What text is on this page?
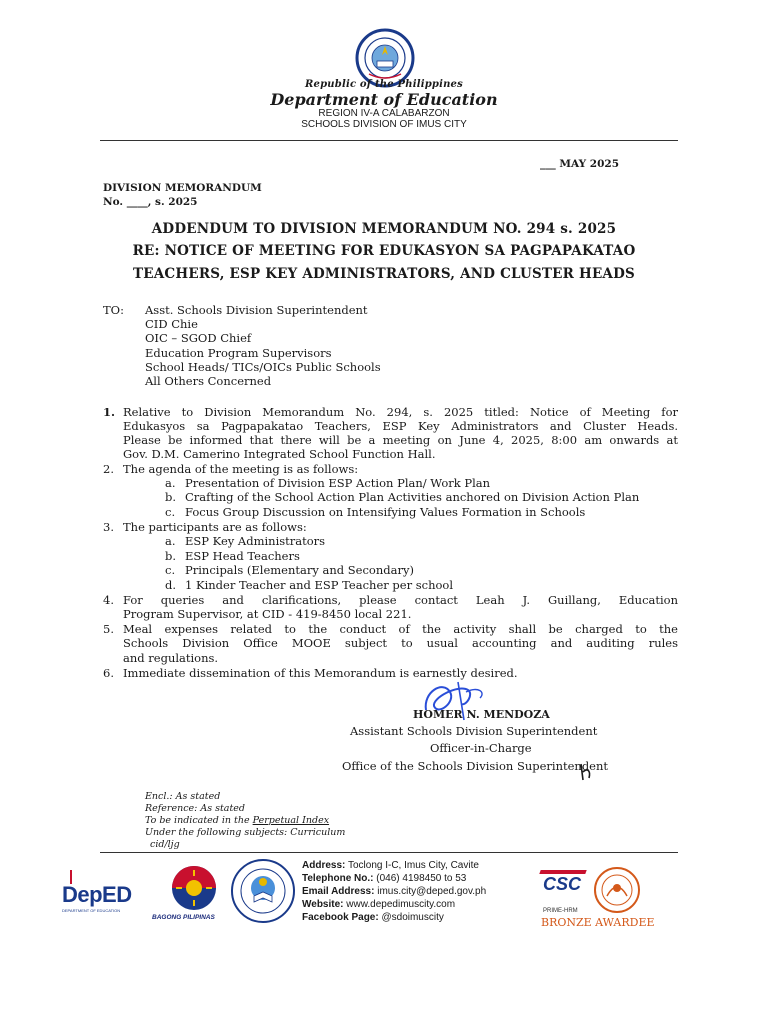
Republic of the Philippines
Department of Education
REGION IV-A CALABARZON
SCHOOLS DIVISION OF IMUS CITY
___ MAY 2025
DIVISION MEMORANDUM
No. ____, s. 2025
ADDENDUM TO DIVISION MEMORANDUM NO. 294 s. 2025
RE: NOTICE OF MEETING FOR EDUKASYON SA PAGPAPAKATAO
TEACHERS, ESP KEY ADMINISTRATORS, AND CLUSTER HEADS
TO: Asst. Schools Division Superintendent
CID Chie
OIC – SGOD Chief
Education Program Supervisors
School Heads/ TICs/OICs Public Schools
All Others Concerned
1. Relative to Division Memorandum No. 294, s. 2025 titled: Notice of Meeting for
Edukasyos sa Pagpapakatao Teachers, ESP Key Administrators and Cluster Heads.
Please be informed that there will be a meeting on June 4, 2025, 8:00 am onwards at
Gov. D.M. Camerino Integrated School Function Hall.
2. The agenda of the meeting is as follows:
a. Presentation of Division ESP Action Plan/ Work Plan
b. Crafting of the School Action Plan Activities anchored on Division Action Plan
c. Focus Group Discussion on Intensifying Values Formation in Schools
3. The participants are as follows:
a. ESP Key Administrators
b. ESP Head Teachers
c. Principals (Elementary and Secondary)
d. 1 Kinder Teacher and ESP Teacher per school
4. For queries and clarifications, please contact Leah J. Guillang, Education
Program Supervisor, at CID - 419-8450 local 221.
5. Meal expenses related to the conduct of the activity shall be charged to the
Schools Division Office MOOE subject to usual accounting and auditing rules
and regulations.
6. Immediate dissemination of this Memorandum is earnestly desired.
HOMER N. MENDOZA
Assistant Schools Division Superintendent
Officer-in-Charge
Office of the Schools Division Superintendent
Encl.: As stated
Reference: As stated
To be indicated in the Perpetual Index
Under the following subjects: Curriculum
cid/ljg
DepED
DEPARTMENT OF EDUCATION
BAGONG PILIPINAS
Address: Toclong I-C, Imus City, Cavite
Telephone No.: (046) 4198450 to 53
Email Address: imus.city@deped.gov.ph
Website: www.depedimuscity.com
Facebook Page: @sdoimuscity
CSC
PRIME-HRM
BRONZE AWARDEE
